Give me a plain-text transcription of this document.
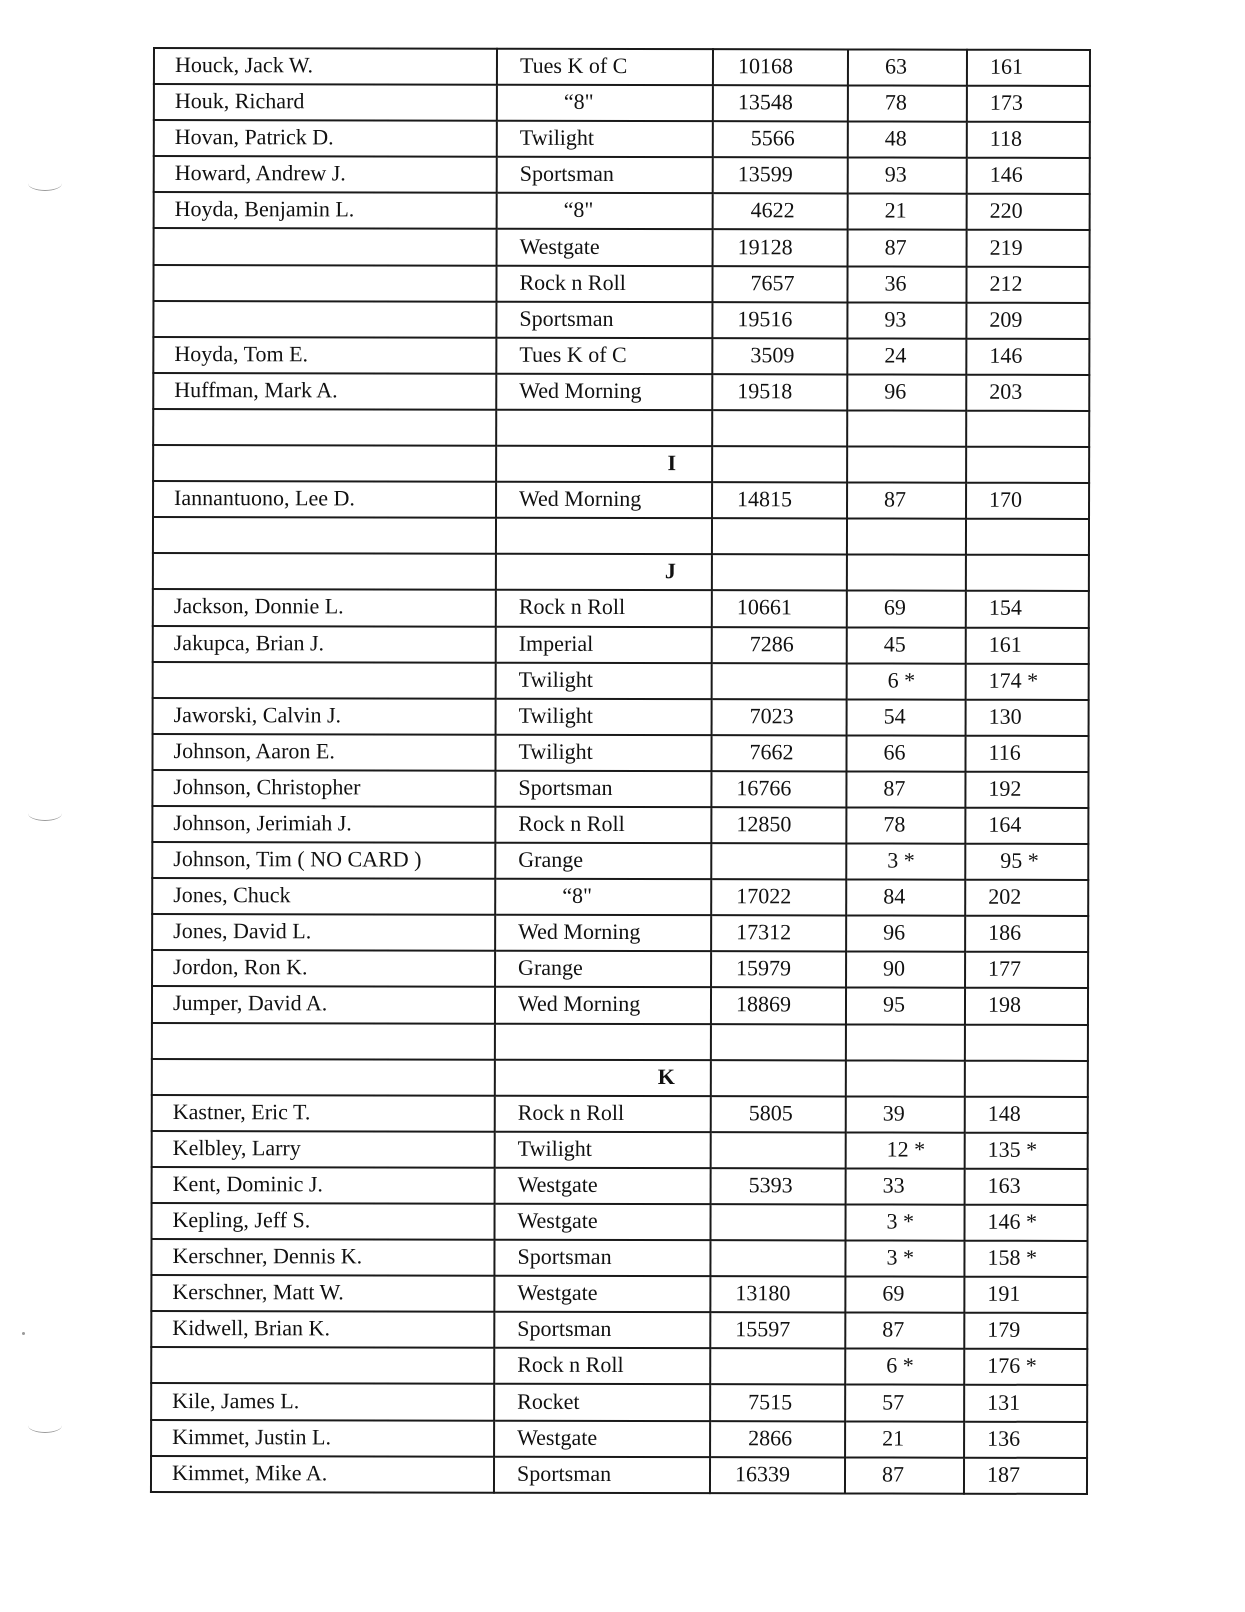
Houck, Jack W.	Tues K of C	10168	63	161
Houk, Richard	“8"	13548	78	173
Hovan, Patrick D.	Twilight	5566	48	118
Howard, Andrew J.	Sportsman	13599	93	146
Hoyda, Benjamin L.	“8"	4622	21	220
	Westgate	19128	87	219
	Rock n Roll	7657	36	212
	Sportsman	19516	93	209
Hoyda, Tom E.	Tues K of C	3509	24	146
Huffman, Mark A.	Wed Morning	19518	96	203

	I			
Iannantuono, Lee D.	Wed Morning	14815	87	170

	J			
Jackson, Donnie L.	Rock n Roll	10661	69	154
Jakupca, Brian J.	Imperial	7286	45	161
	Twilight		6 *	174 *
Jaworski, Calvin J.	Twilight	7023	54	130
Johnson, Aaron E.	Twilight	7662	66	116
Johnson, Christopher	Sportsman	16766	87	192
Johnson, Jerimiah J.	Rock n Roll	12850	78	164
Johnson, Tim ( NO CARD )	Grange		3 *	95 *
Jones, Chuck	“8"	17022	84	202
Jones, David L.	Wed Morning	17312	96	186
Jordon, Ron K.	Grange	15979	90	177
Jumper, David A.	Wed Morning	18869	95	198

	K			
Kastner, Eric T.	Rock n Roll	5805	39	148
Kelbley, Larry	Twilight		12 *	135 *
Kent, Dominic J.	Westgate	5393	33	163
Kepling, Jeff S.	Westgate		3 *	146 *
Kerschner, Dennis K.	Sportsman		3 *	158 *
Kerschner, Matt W.	Westgate	13180	69	191
Kidwell, Brian K.	Sportsman	15597	87	179
	Rock n Roll		6 *	176 *
Kile, James L.	Rocket	7515	57	131
Kimmet, Justin L.	Westgate	2866	21	136
Kimmet, Mike A.	Sportsman	16339	87	187
